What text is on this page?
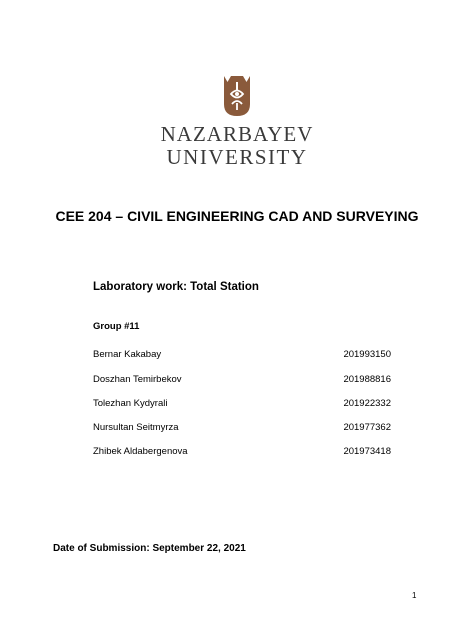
NAZARBAYEV
UNIVERSITY
CEE 204 – CIVIL ENGINEERING CAD AND SURVEYING
Laboratory work: Total Station
Group #11
Bernar Kakabay	201993150
Doszhan Temirbekov	201988816
Tolezhan Kydyrali	201922332
Nursultan Seitmyrza	201977362
Zhibek Aldabergenova	201973418
Date of Submission: September 22, 2021
1
